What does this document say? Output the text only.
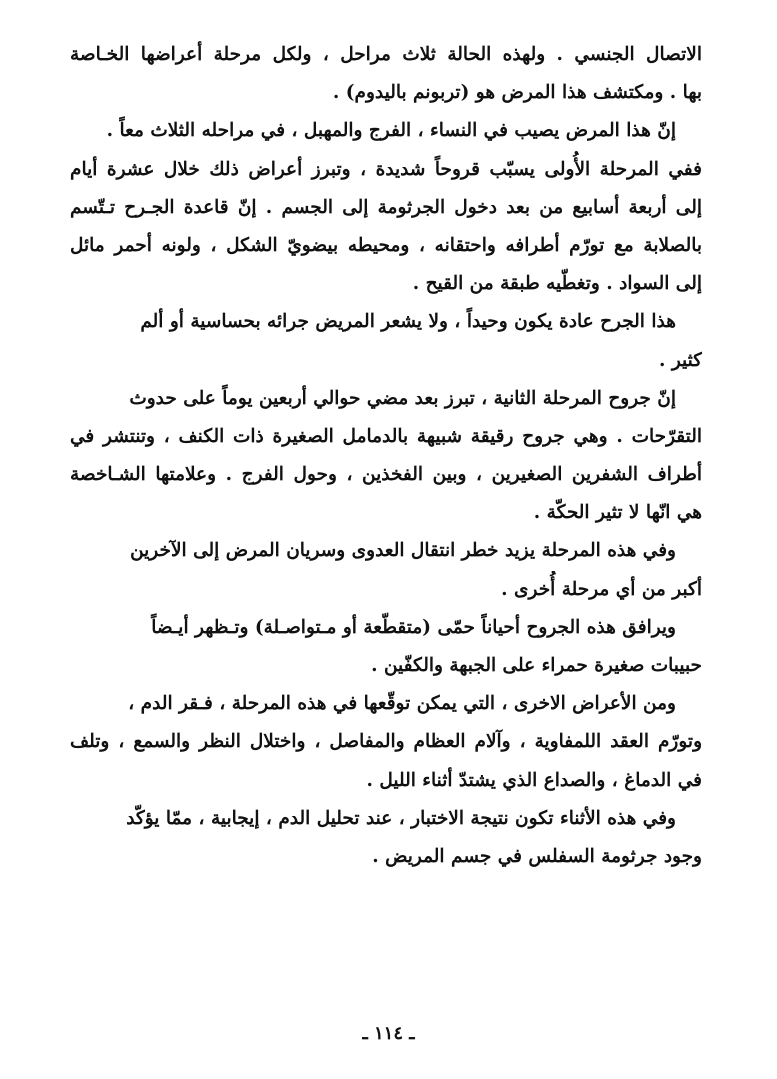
الاتصال الجنسي . ولهذه الحالة ثلاث مراحل ، ولكل مرحلة أعراضها الخـاصة
بها . ومكتشف هذا المرض هو (تربونم باليدوم) .

إنّ هذا المرض يصيب في النساء ، الفرج والمهبل ، في مراحله الثلاث معاً .
ففي المرحلة الأُولى يسبّب قروحاً شديدة ، وتبرز أعراض ذلك خلال عشرة أيام
إلى أربعة أسابيع من بعد دخول الجرثومة إلى الجسم . إنّ قاعدة الجـرح تـتّسم
بالصلابة مع تورّم أطرافه واحتقانه ، ومحيطه بيضويّ الشكل ، ولونه أحمر مائل
إلى السواد . وتغطّيه طبقة من القيح .

هذا الجرح عادة يكون وحيداً ، ولا يشعر المريض جرائه بحساسية أو ألم
كثير .

إنّ جروح المرحلة الثانية ، تبرز بعد مضي حوالي أربعين يوماً على حدوث
التقرّحات . وهي جروح رقيقة شبيهة بالدمامل الصغيرة ذات الكنف ، وتنتشر في
أطراف الشفرين الصغيرين ، وبين الفخذين ، وحول الفرج . وعلامتها الشـاخصة
هي انّها لا تثير الحكّة .

وفي هذه المرحلة يزيد خطر انتقال العدوى وسريان المرض إلى الآخرين
أكبر من أي مرحلة أُخرى .

ويرافق هذه الجروح أحياناً حمّى (متقطّعة أو مـتواصـلة) وتـظهر أيـضاً
حبيبات صغيرة حمراء على الجبهة والكفّين .

ومن الأعراض الاخرى ، التي يمكن توقّعها في هذه المرحلة ، فـقر الدم ،
وتورّم العقد اللمفاوية ، وآلام العظام والمفاصل ، واختلال النظر والسمع ، وتلف
في الدماغ ، والصداع الذي يشتدّ أثناء الليل .

وفي هذه الأثناء تكون نتيجة الاختبار ، عند تحليل الدم ، إيجابية ، ممّا يؤكّد
وجود جرثومة السفلس في جسم المريض .

ـ ١١٤ ـ
